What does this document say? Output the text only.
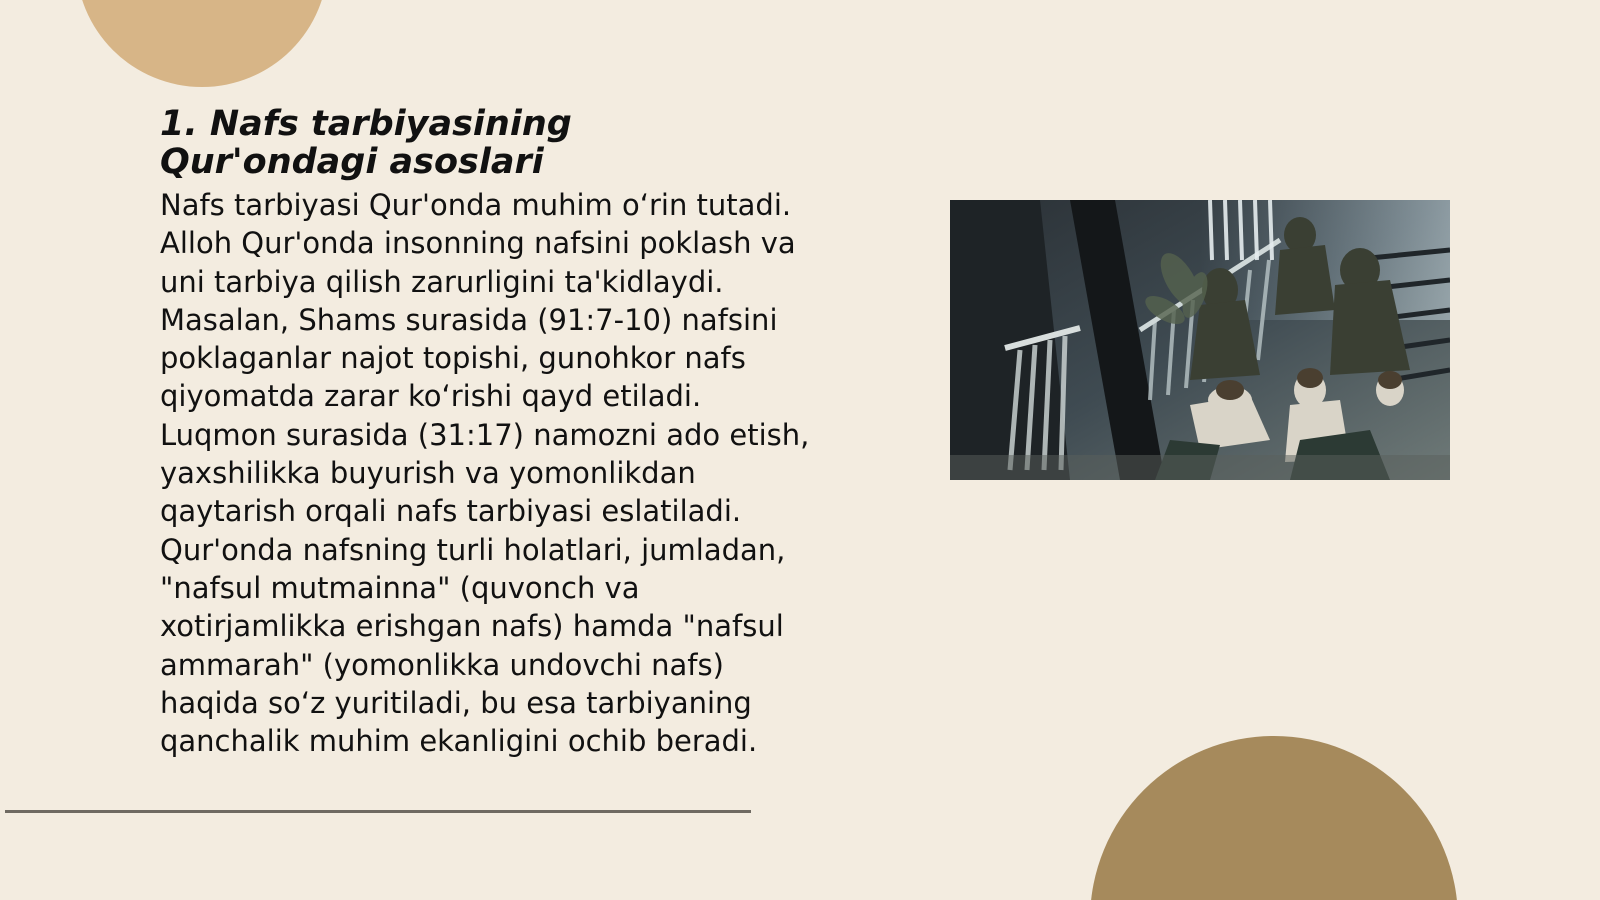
1. Nafs tarbiyasining Qur'ondagi asoslari

Nafs tarbiyasi Qur'onda muhim o‘rin tutadi.
Alloh Qur'onda insonning nafsini poklash va
uni tarbiya qilish zarurligini ta'kidlaydi.
Masalan, Shams surasida (91:7-10) nafsini
poklaganlar najot topishi, gunohkor nafs
qiyomatda zarar ko‘rishi qayd etiladi.
Luqmon surasida (31:17) namozni ado etish,
yaxshilikka buyurish va yomonlikdan
qaytarish orqali nafs tarbiyasi eslatiladi.
Qur'onda nafsning turli holatlari, jumladan,
"nafsul mutmainna" (quvonch va
xotirjamlikka erishgan nafs) hamda "nafsul
ammarah" (yomonlikka undovchi nafs)
haqida so‘z yuritiladi, bu esa tarbiyaning
qanchalik muhim ekanligini ochib beradi.
